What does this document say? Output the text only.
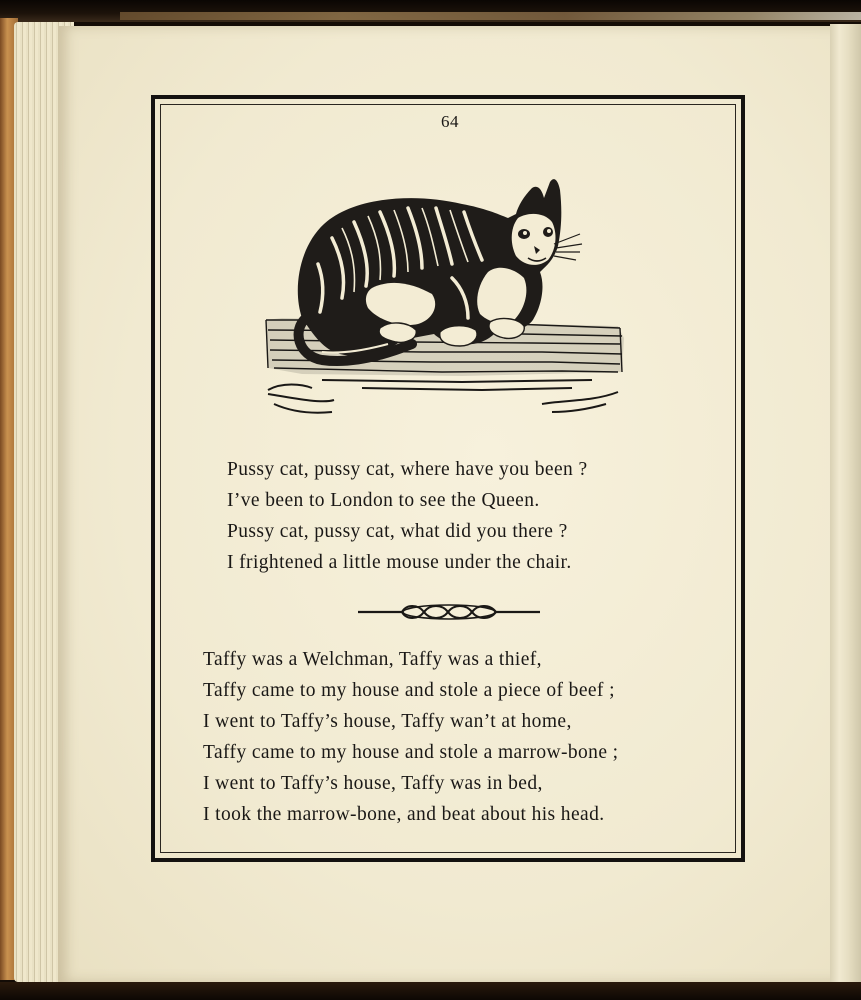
64
Pussy cat, pussy cat, where have you been ?
I’ve been to London to see the Queen.
Pussy cat, pussy cat, what did you there ?
I frightened a little mouse under the chair.
Taffy was a Welchman, Taffy was a thief,
Taffy came to my house and stole a piece of beef ;
I went to Taffy’s house, Taffy wan’t at home,
Taffy came to my house and stole a marrow-bone ;
I went to Taffy’s house, Taffy was in bed,
I took the marrow-bone, and beat about his head.
